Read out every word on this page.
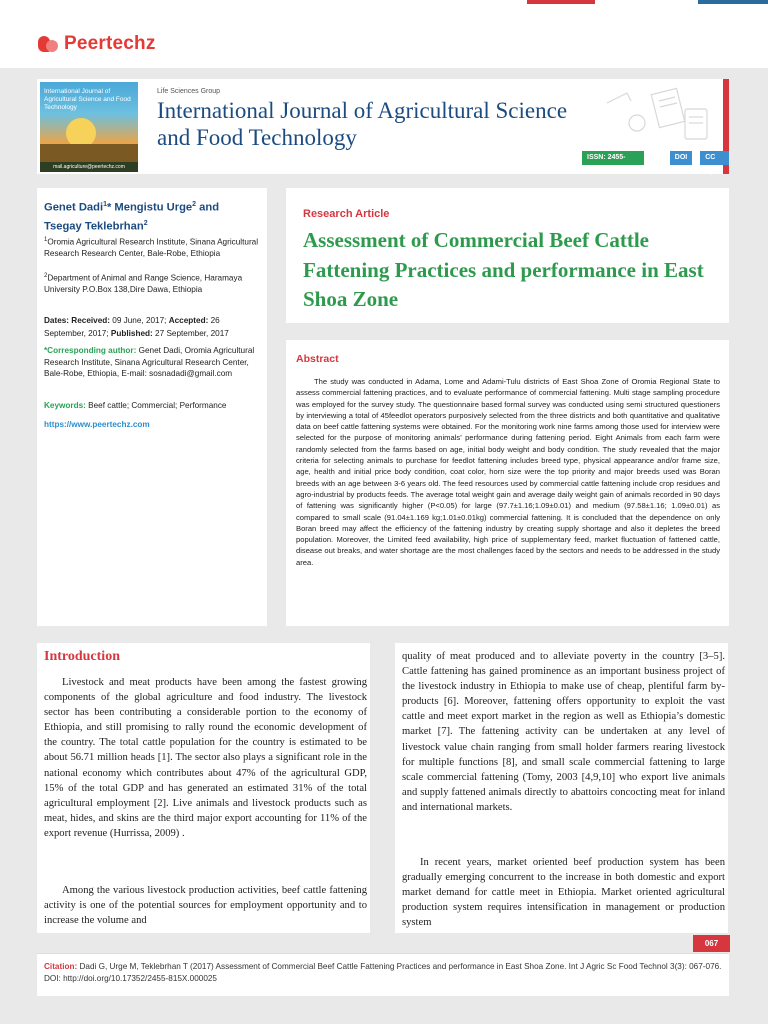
Peertechz
International Journal of Agricultural Science and Food Technology
mail.agriculture@peertechz.com
Life Sciences Group
International Journal of Agricultural Science and Food Technology
ISSN: 2455-815X
DOI	CC By
Genet Dadi$^1$* Mengistu Urge$^2$ and
Tsegay Teklebrhan$^2$
$^1$Oromia Agricultural Research Institute, Sinana Agricultural Research Research Center, Bale-Robe, Ethiopia
$^2$Department of Animal and Range Science, Haramaya University P.O.Box 138,Dire Dawa, Ethiopia
Dates: Received: 09 June, 2017; Accepted: 26 September, 2017; Published: 27 September, 2017
*Corresponding author: Genet Dadi, Oromia Agricultural Research Institute, Sinana Agricultural Research Center, Bale-Robe, Ethiopia, E-mail: sosnadadi@gmail.com
Keywords: Beef cattle; Commercial; Performance
https://www.peertechz.com
Research Article
Assessment of Commercial Beef Cattle Fattening Practices and performance in East Shoa Zone
Abstract
The study was conducted in Adama, Lome and Adami-Tulu districts of East Shoa Zone of Oromia Regional State to assess commercial fattening practices, and to evaluate performance of commercial fattening. Multi stage sampling procedure was employed for the survey study. The questionnaire based formal survey was conducted using semi structured questioners by interviewing a total of 45feedlot operators purposively selected from the three districts and both quantitative and qualitative data on beef cattle fattening systems were obtained. For the monitoring work nine farms among those used for interview were selected for the purpose of monitoring animals’ performance during fattening period. Eight Animals from each farm were randomly selected from the farms based on age, initial body weight and body condition. The study revealed that the major criteria for selecting animals to purchase for feedlot fattening includes breed type, physical appearance and/or frame size, age, health and initial price body condition, coat color, horn size were the top priority and major breeds used was Boran breeds with an age between 3-6 years old. The feed resources used by commercial cattle fattening include crop residues and agro-industrial by products feeds. The average total weight gain and average daily weight gain of animals recorded in 90 days of fattening was significantly higher (P<0.05) for large (97.7±1.16;1.09±0.01) and medium (97.58±1.16; 1.09±0.01) as compared to small scale (91.04±1.169 kg;1.01±0.01kg) commercial fattening. It is concluded that the dependence on only Boran breed may affect the efficiency of the fattening industry by creating supply shortage and also it depletes the breed population. Moreover, the Limited feed availability, high price of supplementary feed, market fluctuation of fattened cattle, disease out breaks, and water shortage are the most challenges faced by the sectors and needs to be addressed in the study area.
Introduction

Livestock and meat products have been among the fastest growing components of the global agriculture and food industry. The livestock sector has been contributing a considerable portion to the economy of Ethiopia, and still promising to rally round the economic development of the country. The total cattle population for the country is estimated to be about 56.71 million heads [1]. The sector also plays a significant role in the national economy which contributes about 47% of the agricultural GDP, 15% of the total GDP and has generated an estimated 31% of the total agricultural employment [2]. Live animals and livestock products such as meat, hides, and skins are the third major export accounting for 11% of the export revenue (Hurrissa, 2009) .

Among the various livestock production activities, beef cattle fattening activity is one of the potential sources for employment opportunity and to increase the volume and

quality of meat produced and to alleviate poverty in the country [3–5]. Cattle fattening has gained prominence as an important business project of the livestock industry in Ethiopia to make use of cheap, plentiful farm by-products [6]. Moreover, fattening offers opportunity to exploit the vast cattle and meet export market in the region as well as Ethiopia’s domestic market [7]. The fattening activity can be undertaken at any level of livestock value chain ranging from small holder farmers rearing livestock for multiple functions [8], and small scale commercial fattening to large scale commercial fattening (Tomy, 2003 [4,9,10] who export live animals and supply fattened animals directly to abattoirs concocting meat for inland and international markets.

In recent years, market oriented beef production system has been gradually emerging concurrent to the increase in both domestic and export market demand for cattle meet in Ethiopia. Market oriented agricultural production system requires intensification in management or production system

067
Citation: Dadi G, Urge M, Teklebrhan T (2017) Assessment of Commercial Beef Cattle Fattening Practices and performance in East Shoa Zone. Int J Agric Sc Food Technol 3(3): 067-076. DOI: http://doi.org/10.17352/2455-815X.000025
